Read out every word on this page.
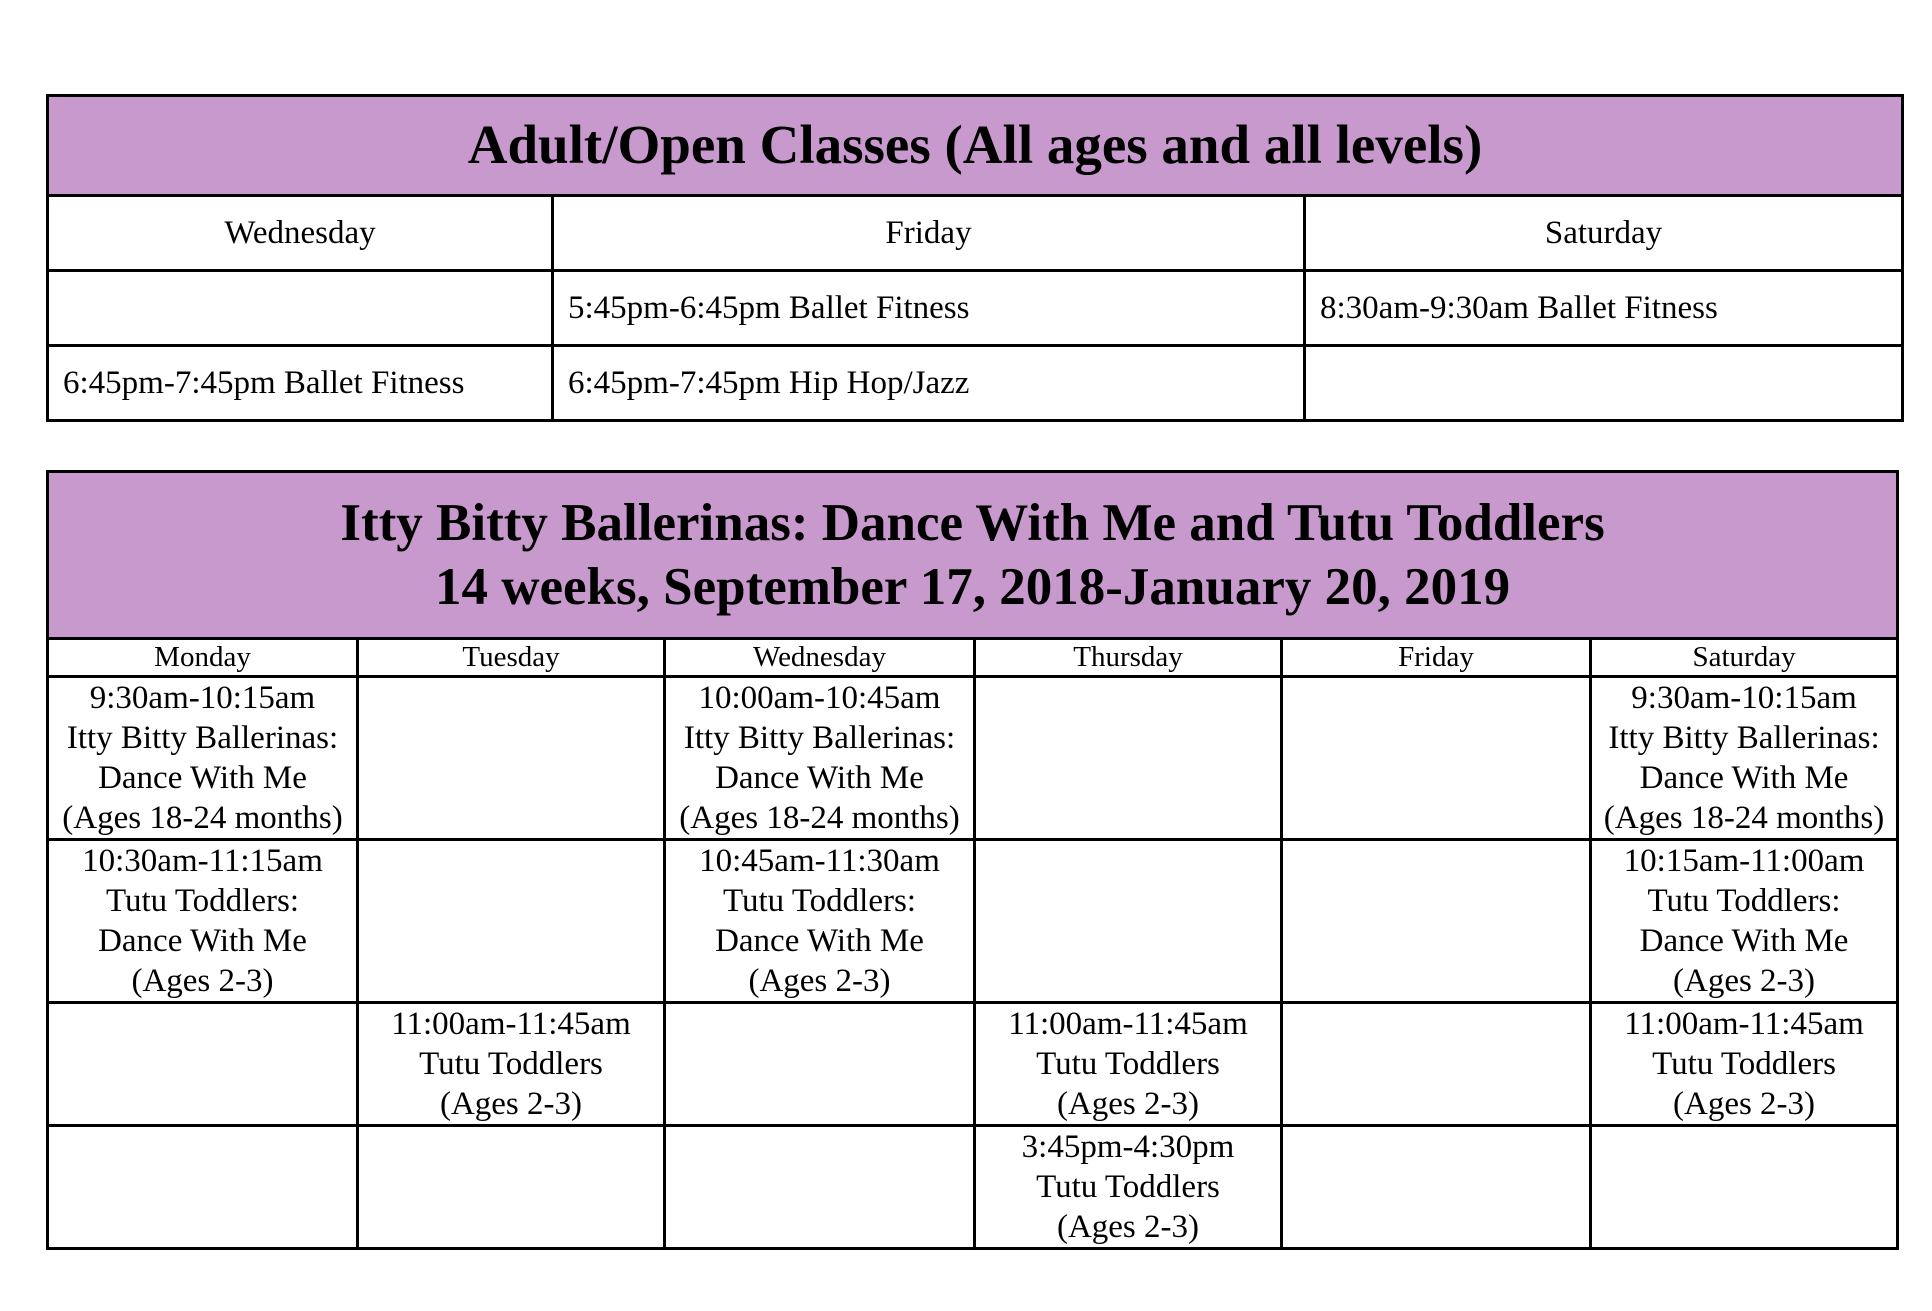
Adult/Open Classes (All ages and all levels)		
Wednesday	Friday	Saturday
	5:45pm-6:45pm Ballet Fitness	8:30am-9:30am Ballet Fitness
6:45pm-7:45pm Ballet Fitness	6:45pm-7:45pm Hip Hop/Jazz	
Itty Bitty Ballerinas: Dance With Me and Tutu Toddlers
14 weeks, September 17, 2018-January 20, 2019					

Monday	Tuesday	Wednesday	Thursday	Friday	Saturday

9:30am-10:15am
Itty Bitty Ballerinas:
Dance With Me
(Ages 18-24 months)		10:00am-10:45am
Itty Bitty Ballerinas:
Dance With Me
(Ages 18-24 months)			9:30am-10:15am
Itty Bitty Ballerinas:
Dance With Me
(Ages 18-24 months)

10:30am-11:15am
Tutu Toddlers:
Dance With Me
(Ages 2-3)		10:45am-11:30am
Tutu Toddlers:
Dance With Me
(Ages 2-3)			10:15am-11:00am
Tutu Toddlers:
Dance With Me
(Ages 2-3)

	11:00am-11:45am
Tutu Toddlers
(Ages 2-3)		11:00am-11:45am
Tutu Toddlers
(Ages 2-3)		11:00am-11:45am
Tutu Toddlers
(Ages 2-3)

			3:45pm-4:30pm
Tutu Toddlers
(Ages 2-3)		
